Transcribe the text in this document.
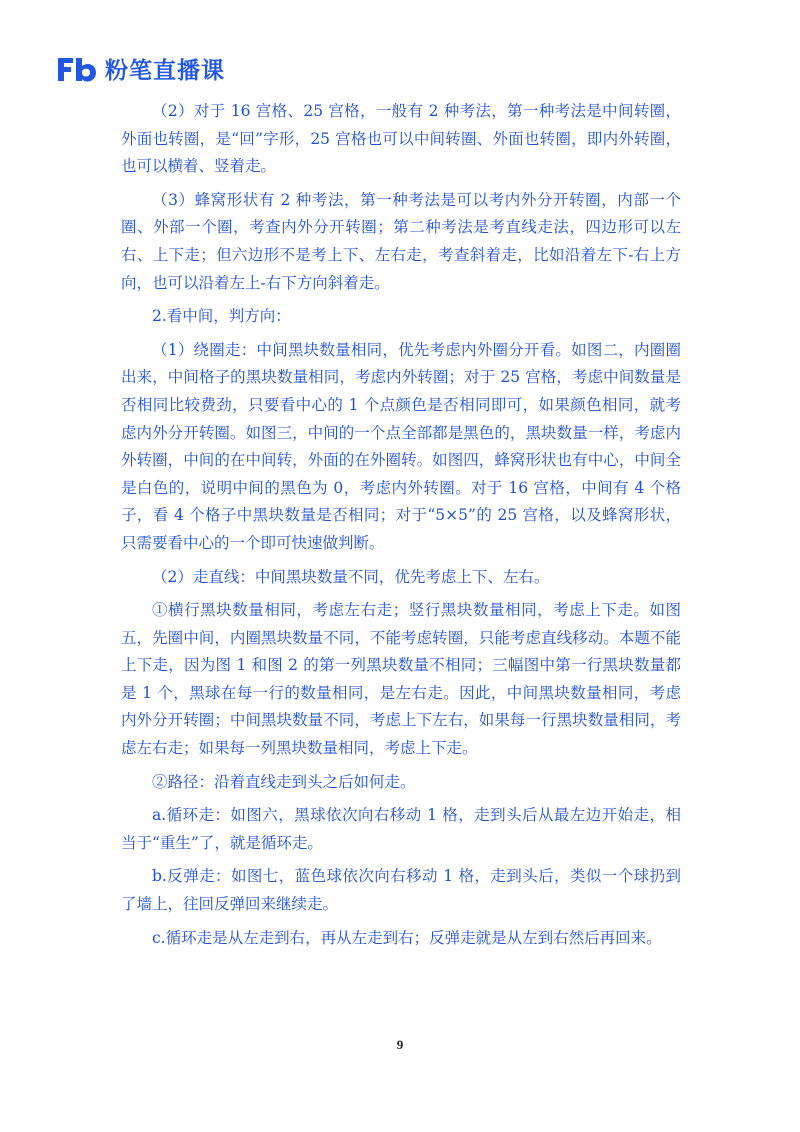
粉笔直播课

（2）对于 16 宫格、25 宫格，一般有 2 种考法，第一种考法是中间转圈，外面也转圈，是“回”字形，25 宫格也可以中间转圈、外面也转圈，即内外转圈，也可以横着、竖着走。

（3）蜂窝形状有 2 种考法，第一种考法是可以考内外分开转圈，内部一个圈、外部一个圈，考查内外分开转圈；第二种考法是考直线走法，四边形可以左右、上下走；但六边形不是考上下、左右走，考查斜着走，比如沿着左下-右上方向，也可以沿着左上-右下方向斜着走。

2.看中间，判方向：

（1）绕圈走：中间黑块数量相同，优先考虑内外圈分开看。如图二，内圈圈出来，中间格子的黑块数量相同，考虑内外转圈；对于 25 宫格，考虑中间数量是否相同比较费劲，只要看中心的 1 个点颜色是否相同即可，如果颜色相同，就考虑内外分开转圈。如图三，中间的一个点全部都是黑色的，黑块数量一样，考虑内外转圈，中间的在中间转，外面的在外圈转。如图四，蜂窝形状也有中心，中间全是白色的，说明中间的黑色为 0，考虑内外转圈。对于 16 宫格，中间有 4 个格子，看 4 个格子中黑块数量是否相同；对于“5×5”的 25 宫格，以及蜂窝形状，只需要看中心的一个即可快速做判断。

（2）走直线：中间黑块数量不同，优先考虑上下、左右。

①横行黑块数量相同，考虑左右走；竖行黑块数量相同，考虑上下走。如图五，先圈中间，内圈黑块数量不同，不能考虑转圈，只能考虑直线移动。本题不能上下走，因为图 1 和图 2 的第一列黑块数量不相同；三幅图中第一行黑块数量都是 1 个，黑球在每一行的数量相同，是左右走。因此，中间黑块数量相同，考虑内外分开转圈；中间黑块数量不同，考虑上下左右，如果每一行黑块数量相同，考虑左右走；如果每一列黑块数量相同，考虑上下走。

②路径：沿着直线走到头之后如何走。

a.循环走：如图六，黑球依次向右移动 1 格，走到头后从最左边开始走，相当于“重生”了，就是循环走。

b.反弹走：如图七，蓝色球依次向右移动 1 格，走到头后，类似一个球扔到了墙上，往回反弹回来继续走。

c.循环走是从左走到右，再从左走到右；反弹走就是从左到右然后再回来。

9
